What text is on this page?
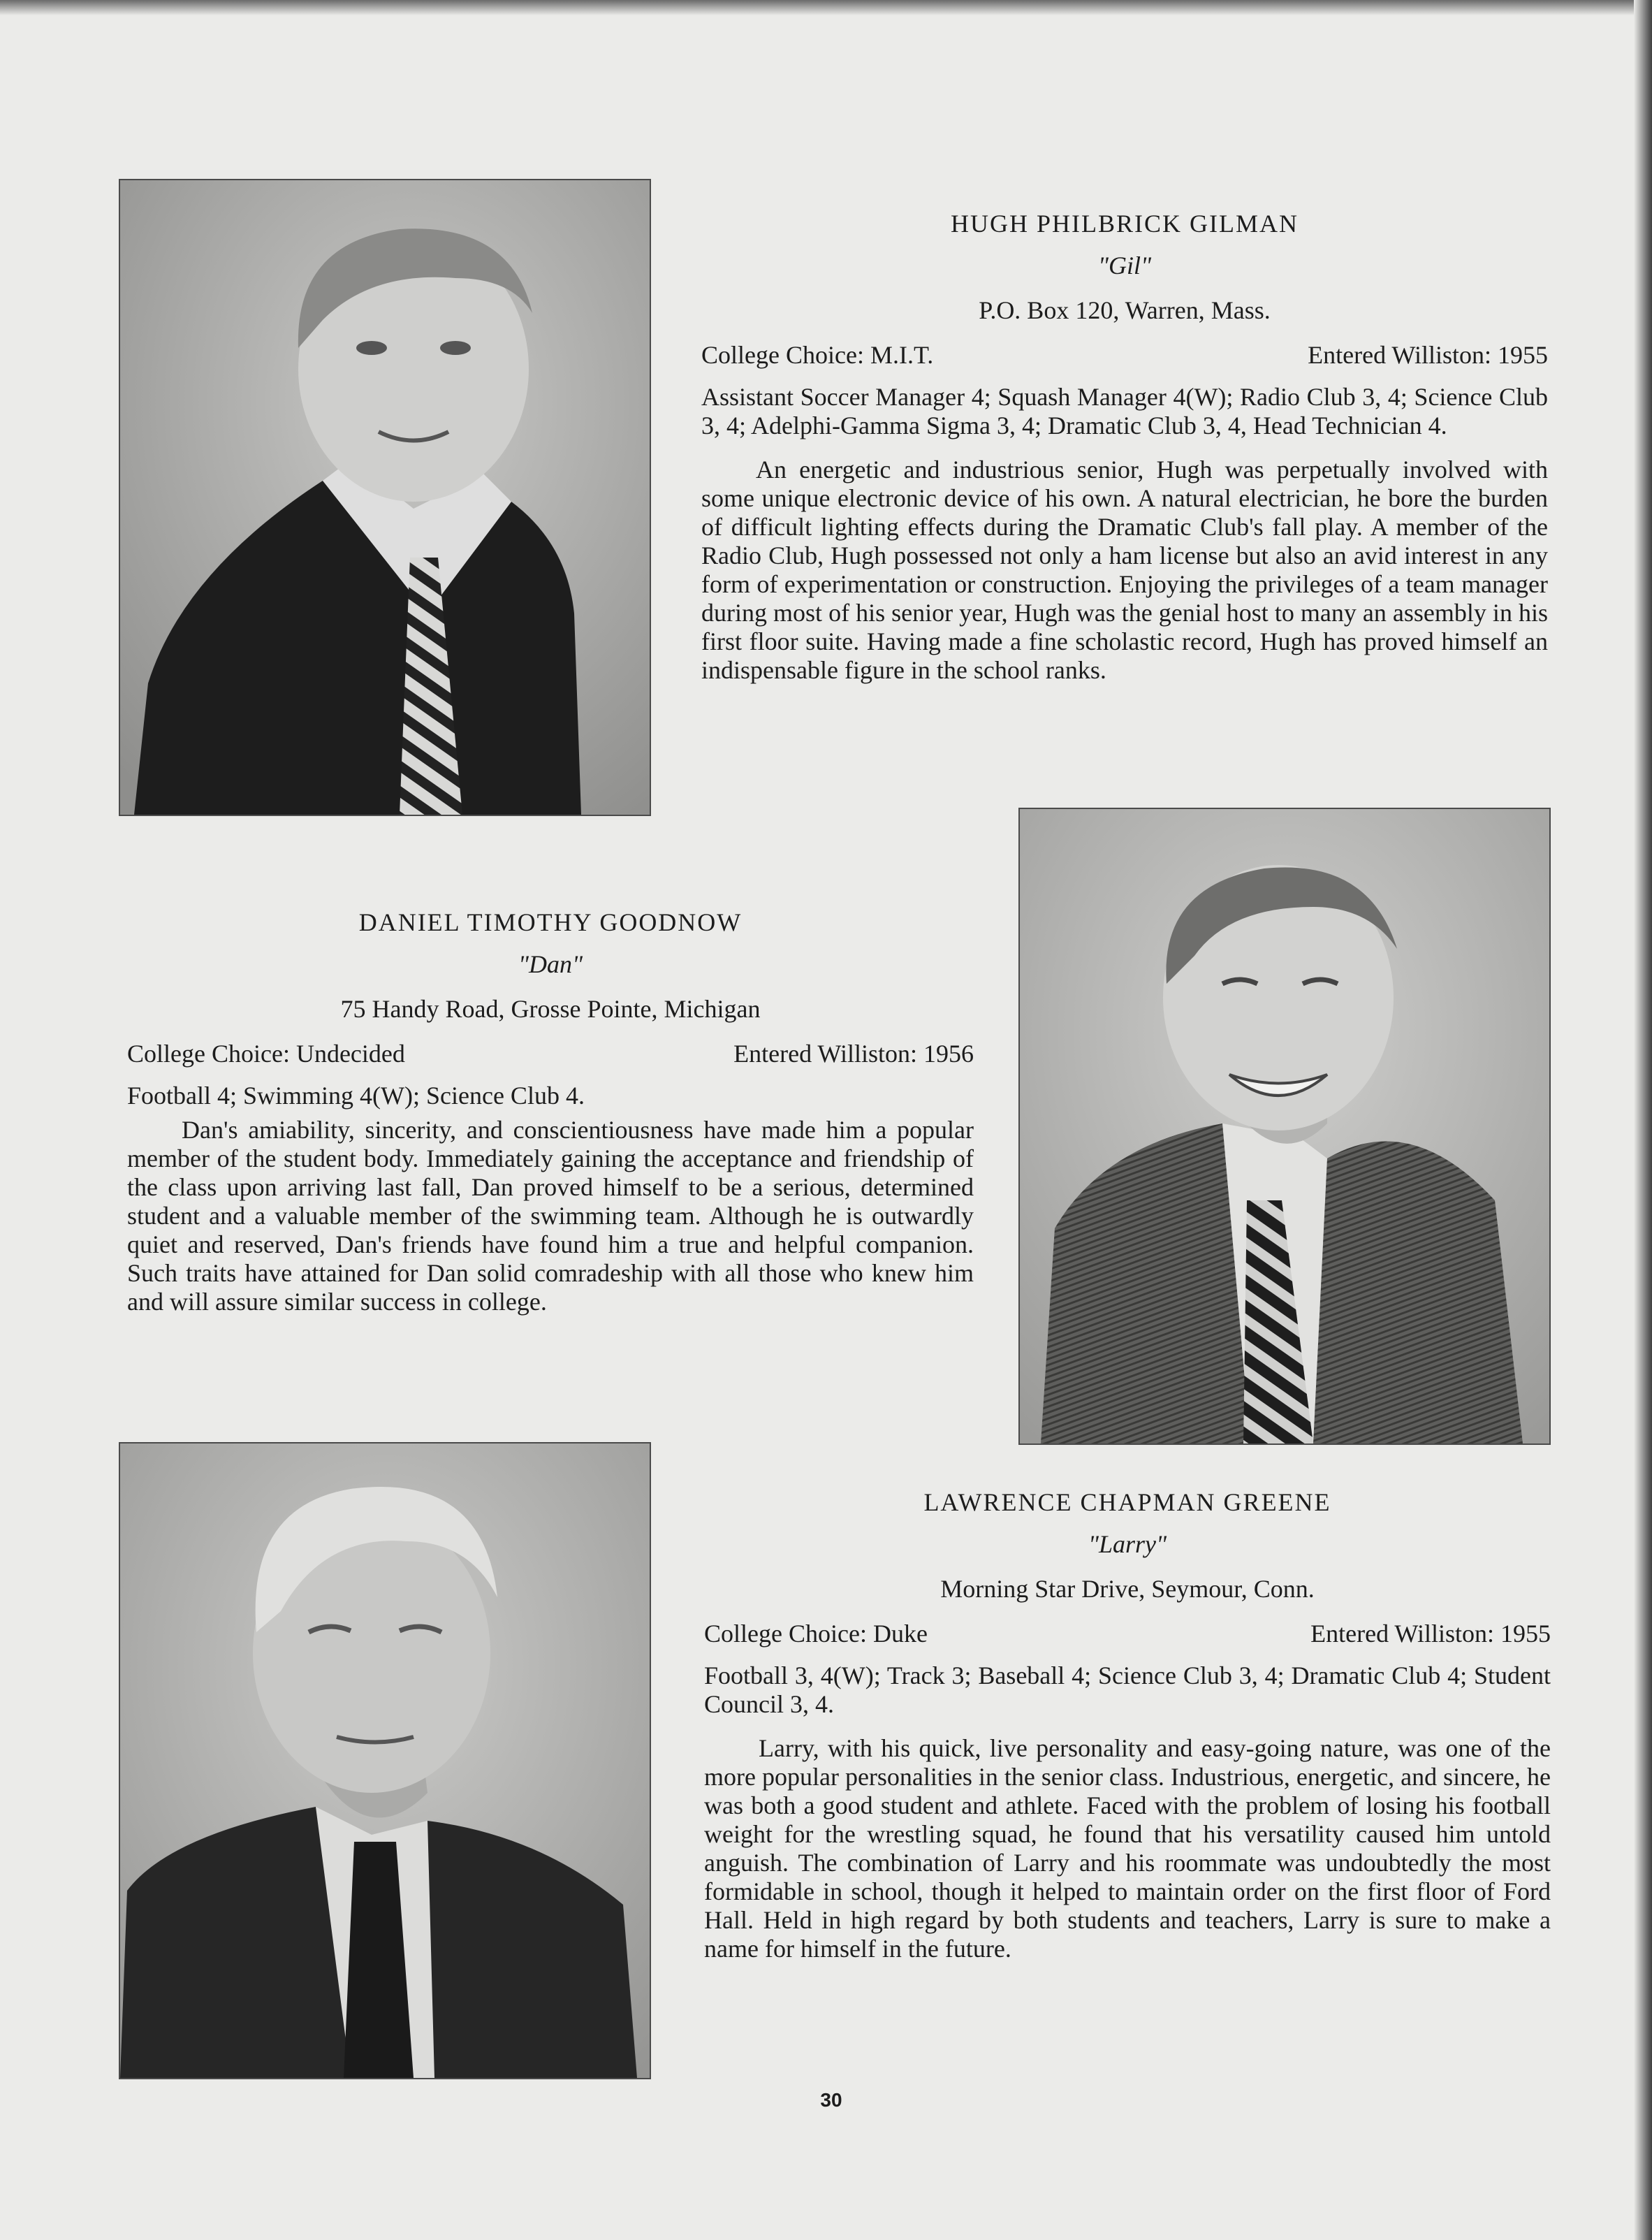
HUGH PHILBRICK GILMAN
"Gil"
P.O. Box 120, Warren, Mass.
College Choice: M.I.T.	Entered Williston: 1955
Assistant Soccer Manager 4; Squash Manager 4(W); Radio Club 3, 4; Science Club 3, 4; Adelphi-Gamma Sigma 3, 4; Dramatic Club 3, 4, Head Technician 4.
An energetic and industrious senior, Hugh was perpetually involved with some unique electronic device of his own. A natural electrician, he bore the burden of difficult lighting effects during the Dramatic Club's fall play. A member of the Radio Club, Hugh possessed not only a ham license but also an avid interest in any form of experimentation or construction. Enjoying the privileges of a team manager during most of his senior year, Hugh was the genial host to many an assembly in his first floor suite. Having made a fine scholastic record, Hugh has proved himself an indispensable figure in the school ranks.
DANIEL TIMOTHY GOODNOW
"Dan"
75 Handy Road, Grosse Pointe, Michigan
College Choice: Undecided	Entered Williston: 1956
Football 4; Swimming 4(W); Science Club 4.
Dan's amiability, sincerity, and conscientiousness have made him a popular member of the student body. Immediately gaining the acceptance and friendship of the class upon arriving last fall, Dan proved himself to be a serious, determined student and a valuable member of the swimming team. Although he is outwardly quiet and reserved, Dan's friends have found him a true and helpful companion. Such traits have attained for Dan solid comradeship with all those who knew him and will assure similar success in college.
LAWRENCE CHAPMAN GREENE
"Larry"
Morning Star Drive, Seymour, Conn.
College Choice: Duke	Entered Williston: 1955
Football 3, 4(W); Track 3; Baseball 4; Science Club 3, 4; Dramatic Club 4; Student Council 3, 4.
Larry, with his quick, live personality and easy-going nature, was one of the more popular personalities in the senior class. Industrious, energetic, and sincere, he was both a good student and athlete. Faced with the problem of losing his football weight for the wrestling squad, he found that his versatility caused him untold anguish. The combination of Larry and his roommate was undoubtedly the most formidable in school, though it helped to maintain order on the first floor of Ford Hall. Held in high regard by both students and teachers, Larry is sure to make a name for himself in the future.
30
